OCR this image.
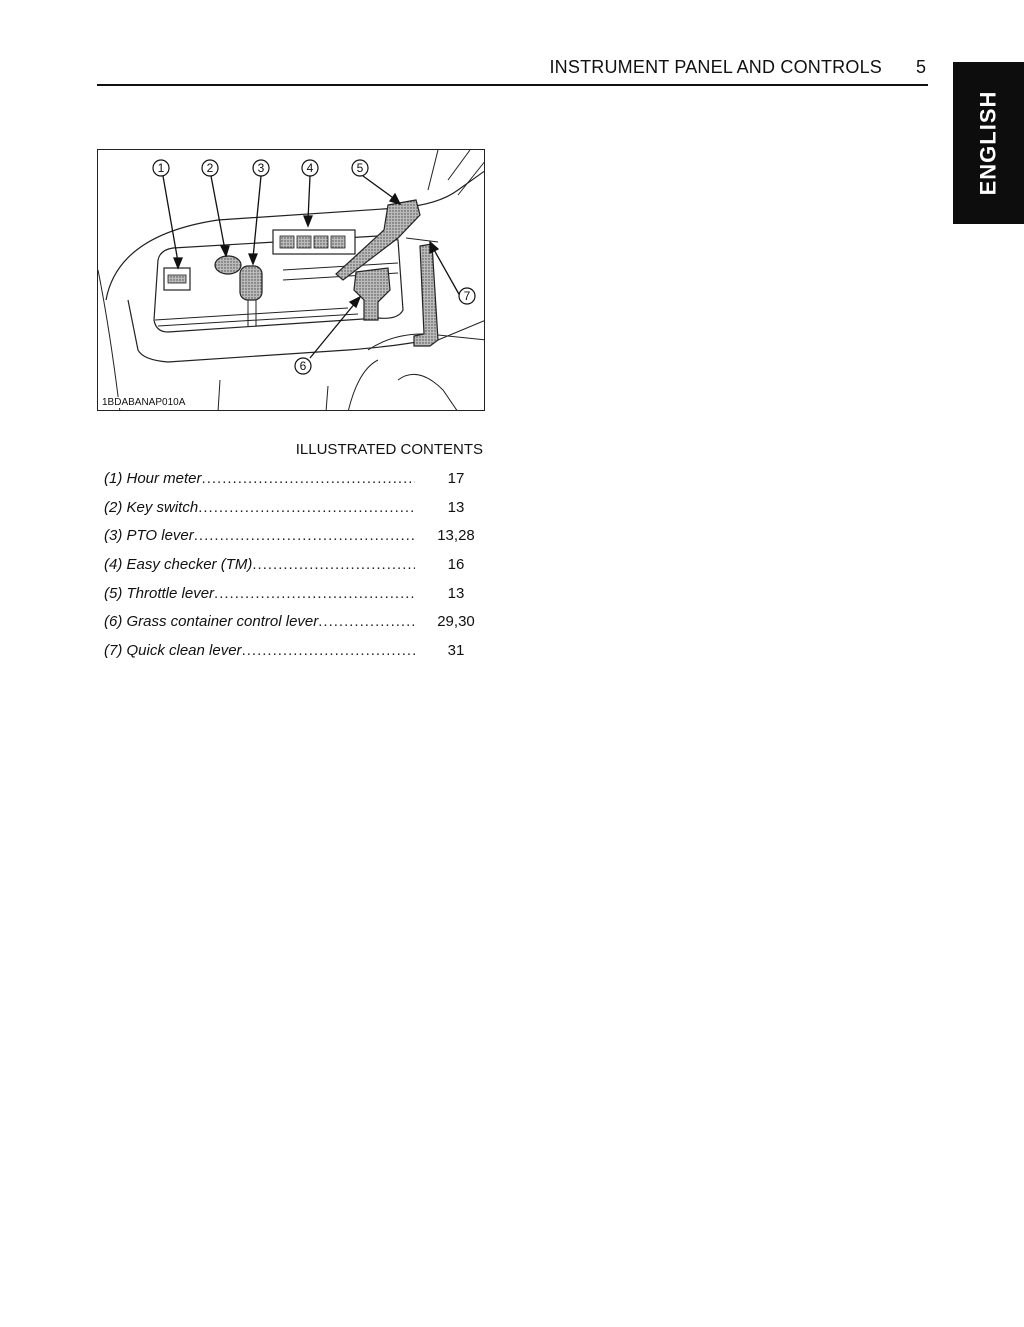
INSTRUMENT PANEL AND CONTROLS 5
ENGLISH
1	2	3	4	5
7
6
1BDABANAP010A
ILLUSTRATED CONTENTS
(1) Hour meter .....	17
(2) Key switch .....	13
(3) PTO lever .....	13,28
(4) Easy checker (TM) .....	16
(5) Throttle lever .....	13
(6) Grass container control lever .....	29,30
(7) Quick clean lever .....	31
